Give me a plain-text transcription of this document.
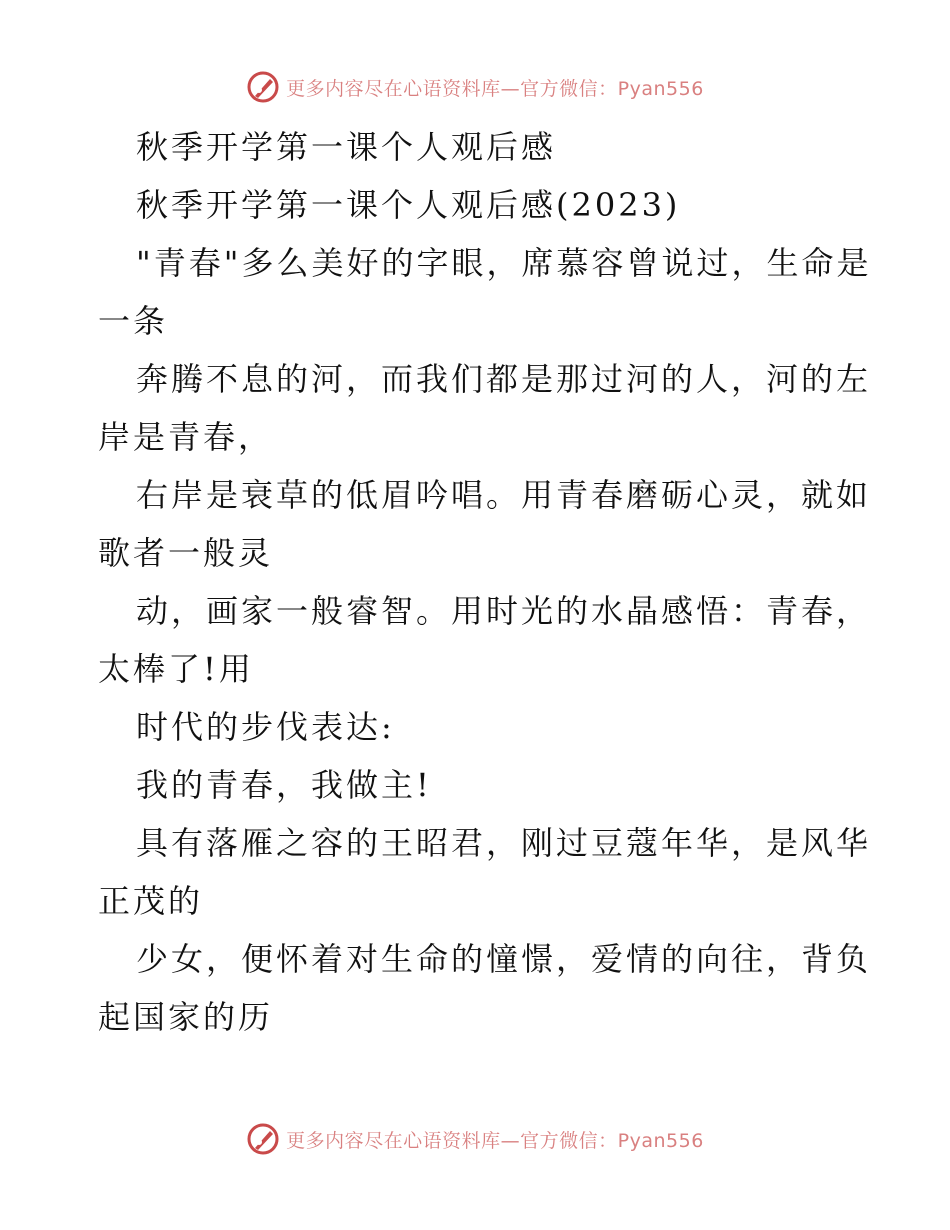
更多内容尽在心语资料库—官方微信：Pyan556
秋季开学第一课个人观后感
秋季开学第一课个人观后感(2023)
"青春"多么美好的字眼，席慕容曾说过，生命是
一条
奔腾不息的河，而我们都是那过河的人，河的左
岸是青春，
右岸是衰草的低眉吟唱。用青春磨砺心灵，就如
歌者一般灵
动，画家一般睿智。用时光的水晶感悟：青春，
太棒了!用
时代的步伐表达:
我的青春，我做主!
具有落雁之容的王昭君，刚过豆蔻年华，是风华
正茂的
少女，便怀着对生命的憧憬，爱情的向往，背负
起国家的历
更多内容尽在心语资料库—官方微信：Pyan556
